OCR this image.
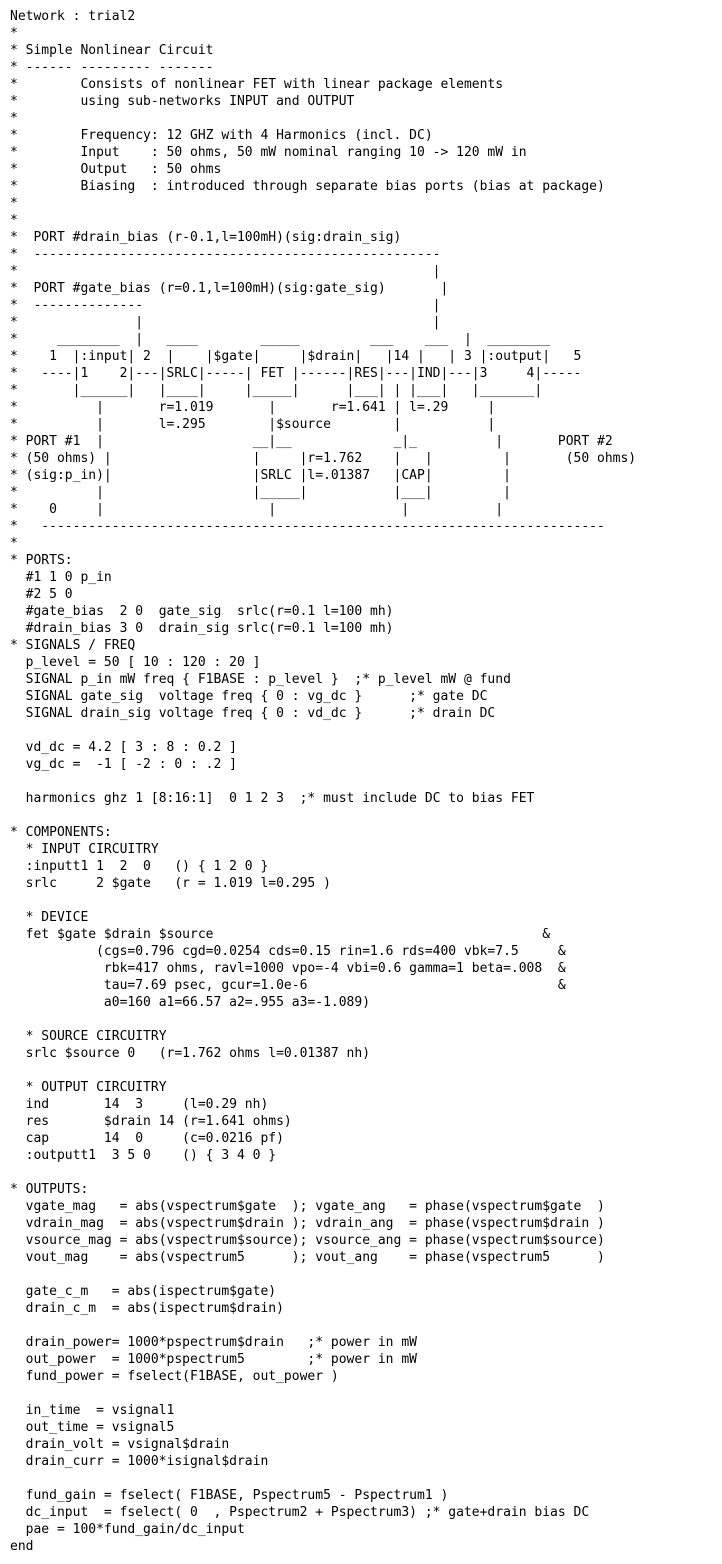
Network : trial2
*
* Simple Nonlinear Circuit
* ------ --------- -------
*        Consists of nonlinear FET with linear package elements
*        using sub-networks INPUT and OUTPUT
*
*        Frequency: 12 GHZ with 4 Harmonics (incl. DC)
*        Input    : 50 ohms, 50 mW nominal ranging 10 -> 120 mW in
*        Output   : 50 ohms
*        Biasing  : introduced through separate bias ports (bias at package)
*
*
*  PORT #drain_bias (r-0.1,l=100mH)(sig:drain_sig)
*  ----------------------------------------------------
*                                                     |
*  PORT #gate_bias (r=0.1,l=100mH)(sig:gate_sig)       |
*  --------------                                     |
*               |                                     |
*     ________  |   ____        _____         ___    ___  |  ________
*    1  |:input| 2  |    |$gate|     |$drain|   |14 |   | 3 |:output|   5
*   ----|1    2|---|SRLC|-----| FET |------|RES|---|IND|---|3     4|-----
*       |______|   |____|     |_____|      |___| | |___|   |_______|
*          |       r=1.019       |       r=1.641 | l=.29     |
*          |       l=.295        |$source        |           |
* PORT #1  |                   __|__             _|_          |       PORT #2
* (50 ohms) |                  |     |r=1.762    |   |         |       (50 ohms)
* (sig:p_in)|                  |SRLC |l=.01387   |CAP|         |
*          |                   |_____|           |___|         |
*    0     |                     |                |           |
*   ------------------------------------------------------------------------
*
* PORTS:
#1 1 0 p_in
#2 5 0
#gate_bias  2 0  gate_sig  srlc(r=0.1 l=100 mh)
#drain_bias 3 0  drain_sig srlc(r=0.1 l=100 mh)
* SIGNALS / FREQ
p_level = 50 [ 10 : 120 : 20 ]
SIGNAL p_in mW freq { F1BASE : p_level }  ;* p_level mW @ fund
SIGNAL gate_sig  voltage freq { 0 : vg_dc }      ;* gate DC
SIGNAL drain_sig voltage freq { 0 : vd_dc }      ;* drain DC
vd_dc = 4.2 [ 3 : 8 : 0.2 ]
vg_dc =  -1 [ -2 : 0 : .2 ]
harmonics ghz 1 [8:16:1]  0 1 2 3  ;* must include DC to bias FET
* COMPONENTS:
* INPUT CIRCUITRY
:inputt1 1  2  0   () { 1 2 0 }
srlc     2 $gate   (r = 1.019 l=0.295 )
* DEVICE
fet $gate $drain $source                                          &
(cgs=0.796 cgd=0.0254 cds=0.15 rin=1.6 rds=400 vbk=7.5     &
rbk=417 ohms, ravl=1000 vpo=-4 vbi=0.6 gamma=1 beta=.008  &
tau=7.69 psec, gcur=1.0e-6                                &
a0=160 a1=66.57 a2=.955 a3=-1.089)
* SOURCE CIRCUITRY
srlc $source 0   (r=1.762 ohms l=0.01387 nh)
* OUTPUT CIRCUITRY
ind       14  3     (l=0.29 nh)
res       $drain 14 (r=1.641 ohms)
cap       14  0     (c=0.0216 pf)
:outputt1  3 5 0    () { 3 4 0 }
* OUTPUTS:
vgate_mag   = abs(vspectrum$gate  ); vgate_ang   = phase(vspectrum$gate  )
vdrain_mag  = abs(vspectrum$drain ); vdrain_ang  = phase(vspectrum$drain )
vsource_mag = abs(vspectrum$source); vsource_ang = phase(vspectrum$source)
vout_mag    = abs(vspectrum5      ); vout_ang    = phase(vspectrum5      )
gate_c_m   = abs(ispectrum$gate)
drain_c_m  = abs(ispectrum$drain)
drain_power= 1000*pspectrum$drain   ;* power in mW
out_power  = 1000*pspectrum5        ;* power in mW
fund_power = fselect(F1BASE, out_power )
in_time  = vsignal1
out_time = vsignal5
drain_volt = vsignal$drain
drain_curr = 1000*isignal$drain
fund_gain = fselect( F1BASE, Pspectrum5 - Pspectrum1 )
dc_input  = fselect( 0  , Pspectrum2 + Pspectrum3) ;* gate+drain bias DC
pae = 100*fund_gain/dc_input
end
